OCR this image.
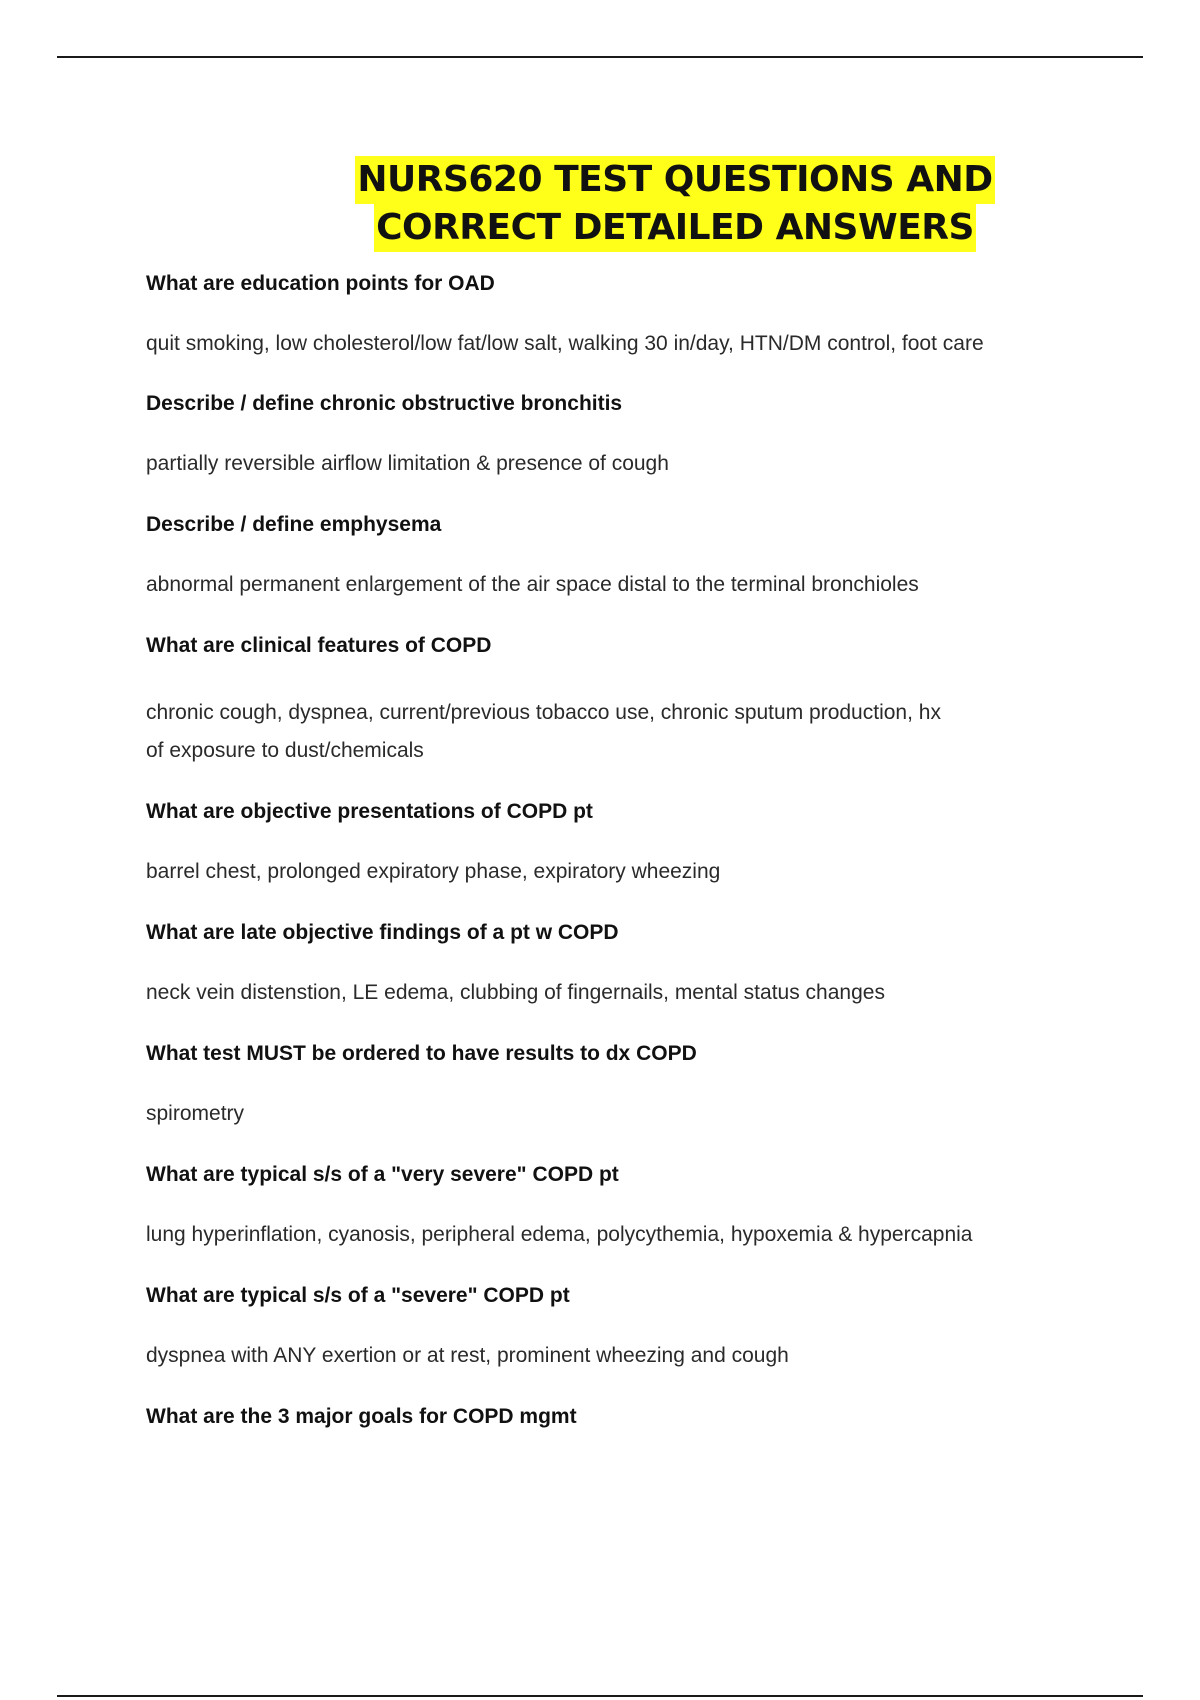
NURS620 TEST QUESTIONS AND
CORRECT DETAILED ANSWERS
What are education points for OAD
quit smoking, low cholesterol/low fat/low salt, walking 30 in/day, HTN/DM control, foot care
Describe / define chronic obstructive bronchitis
partially reversible airflow limitation & presence of cough
Describe / define emphysema
abnormal permanent enlargement of the air space distal to the terminal bronchioles
What are clinical features of COPD
chronic cough, dyspnea, current/previous tobacco use, chronic sputum production, hx
of exposure to dust/chemicals
What are objective presentations of COPD pt
barrel chest, prolonged expiratory phase, expiratory wheezing
What are late objective findings of a pt w COPD
neck vein distenstion, LE edema, clubbing of fingernails, mental status changes
What test MUST be ordered to have results to dx COPD
spirometry
What are typical s/s of a "very severe" COPD pt
lung hyperinflation, cyanosis, peripheral edema, polycythemia, hypoxemia & hypercapnia
What are typical s/s of a "severe" COPD pt
dyspnea with ANY exertion or at rest, prominent wheezing and cough
What are the 3 major goals for COPD mgmt
